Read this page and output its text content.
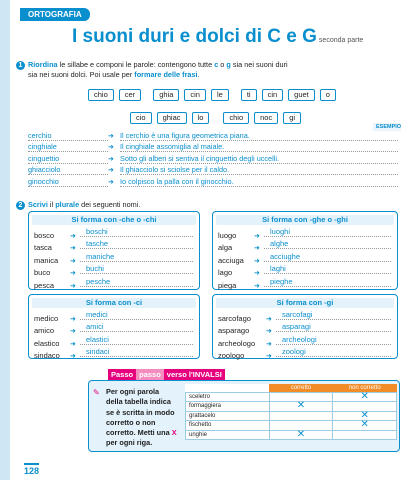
ORTOGRAFIA
I suoni duri e dolci di C e G seconda parte
1 Riordina le sillabe e componi le parole: contengono tutte c o g sia nei suoni duri
sia nei suoni dolci. Poi usale per formare delle frasi.
chio	cer	ghia	cin	le	ti	cin	guet	o
cio	ghiac	lo	chio	noc	gi
ESEMPIO
cerchio	➜ Il cerchio è una figura geometrica piana.
cinghiale	➜ Il cinghiale assomiglia al maiale.
cinguettio	➜ Sotto gli alberi si sentiva il cinguettio degli uccelli.
ghiacciolo	➜ Il ghiacciolo si sciolse per il caldo.
ginocchio	➜ Io colpisco la palla con il ginocchio.
2 Scrivi il plurale dei seguenti nomi.
Si forma con -che o -chi
bosco	➜
boschi
tasca	➜
tasche
manica	➜
maniche
buco	➜
buchi
pesca	➜
pesche
Si forma con -ghe o -ghi
luogo	➜
luoghi
alga	➜
alghe
acciuga	➜
acciughe
lago	➜
laghi
piega	➜
pieghe
Si forma con -ci
medico	➜
medici
amico	➜
amici
elastico	➜
elastici
sindaco	➜
sindaci
Si forma con -gi
sarcofago	➜
sarcofagi
asparago	➜
asparagi
archeologo	➜
archeologi
zoologo	➜
zoologi
Passo passo verso l'INVALSI
✎ Per ogni parola
della tabella indica
se è scritta in modo
corretto o non
corretto. Metti una X
per ogni riga.
	corretto	non corretto
sceletro		✕
formaggiera	✕	
grattacelo		✕
fischetto		✕
unghie	✕	
128
